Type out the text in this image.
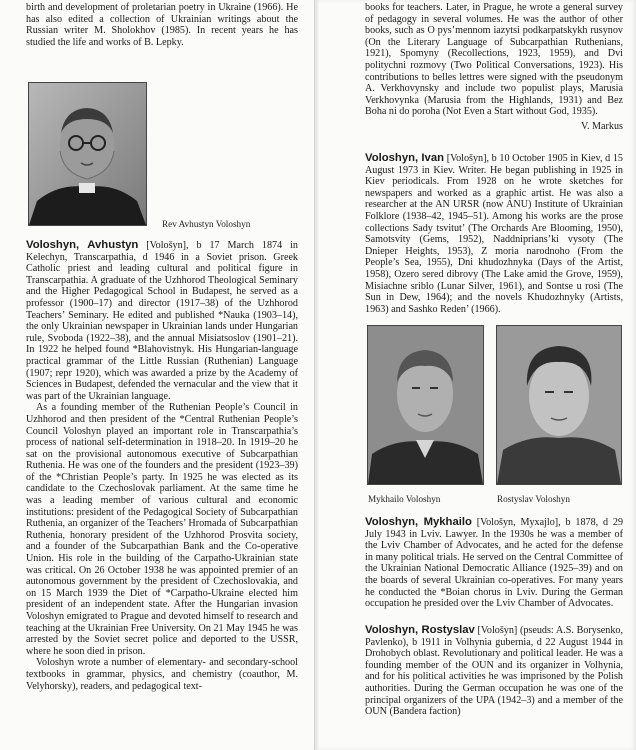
birth and development of proletarian poetry in Ukraine (1966). He has also edited a collection of Ukrainian writings about the Russian writer M. Sholokhov (1985). In recent years he has studied the life and works of B. Lepky.

Rev Avhustyn Voloshyn

Voloshyn, Avhustyn [Vološyn], b 17 March 1874 in Kelechyn, Transcarpathia, d 1946 in a Soviet prison. Greek Catholic priest and leading cultural and political figure in Transcarpathia. A graduate of the Uzhhorod Theological Seminary and the Higher Pedagogical School in Budapest, he served as a professor (1900–17) and director (1917–38) of the Uzhhorod Teachers’ Seminary. He edited and published *Nauka (1903–14), the only Ukrainian newspaper in Ukrainian lands under Hungarian rule, Svoboda (1922–38), and the annual Misiatsoslov (1901–21). In 1922 he helped found *Blahovistnyk. His Hungarian-language practical grammar of the Little Russian (Ruthenian) Language (1907; repr 1920), which was awarded a prize by the Academy of Sciences in Budapest, defended the vernacular and the view that it was part of the Ukrainian language.

As a founding member of the Ruthenian People’s Council in Uzhhorod and then president of the *Central Ruthenian People’s Council Voloshyn played an important role in Transcarpathia’s process of national self-determination in 1918–20. In 1919–20 he sat on the provisional autonomous executive of Subcarpathian Ruthenia. He was one of the founders and the president (1923–39) of the *Christian People’s party. In 1925 he was elected as its candidate to the Czechoslovak parliament. At the same time he was a leading member of various cultural and economic institutions: president of the Pedagogical Society of Subcarpathian Ruthenia, an organizer of the Teachers’ Hromada of Subcarpathian Ruthenia, honorary president of the Uzhhorod Prosvita society, and a founder of the Subcarpathian Bank and the Co-operative Union. His role in the building of the Carpatho-Ukrainian state was critical. On 26 October 1938 he was appointed premier of an autonomous government by the president of Czechoslovakia, and on 15 March 1939 the Diet of *Carpatho-Ukraine elected him president of an independent state. After the Hungarian invasion Voloshyn emigrated to Prague and devoted himself to research and teaching at the Ukrainian Free University. On 21 May 1945 he was arrested by the Soviet secret police and deported to the USSR, where he soon died in prison.

Voloshyn wrote a number of elementary- and secondary-school textbooks in grammar, physics, and chemistry (coauthor, M. Velyhorsky), readers, and pedagogical text-

books for teachers. Later, in Prague, he wrote a general survey of pedagogy in several volumes. He was the author of other books, such as O pys’mennom iazytsi podkarpatskykh rusynov (On the Literary Language of Subcarpathian Ruthenians, 1921), Spomyny (Recollections, 1923, 1959), and Dvi politychni rozmovy (Two Political Conversations, 1923). His contributions to belles lettres were signed with the pseudonym A. Verkhovynsky and include two populist plays, Marusia Verkhovynka (Marusia from the Highlands, 1931) and Bez Boha ni do poroha (Not Even a Start without God, 1935).

V. Markus

Voloshyn, Ivan [Vološyn], b 10 October 1905 in Kiev, d 15 August 1973 in Kiev. Writer. He began publishing in 1925 in Kiev periodicals. From 1928 on he wrote sketches for newspapers and worked as a graphic artist. He was also a researcher at the AN URSR (now ANU) Institute of Ukrainian Folklore (1938–42, 1945–51). Among his works are the prose collections Sady tsvitut’ (The Orchards Are Blooming, 1950), Samotsvity (Gems, 1952), Naddniprians’ki vysoty (The Dnieper Heights, 1953), Z moria narodnoho (From the People’s Sea, 1955), Dni khudozhnyka (Days of the Artist, 1958), Ozero sered dibrovy (The Lake amid the Grove, 1959), Misiachne sriblo (Lunar Silver, 1961), and Sontse u rosi (The Sun in Dew, 1964); and the novels Khudozhnyky (Artists, 1963) and Sashko Reden’ (1966).

Mykhailo Voloshyn	Rostyslav Voloshyn

Voloshyn, Mykhailo [Vološyn, Myxajlo], b 1878, d 29 July 1943 in Lviv. Lawyer. In the 1930s he was a member of the Lviv Chamber of Advocates, and he acted for the defense in many political trials. He served on the Central Committee of the Ukrainian National Democratic Alliance (1925–39) and on the boards of several Ukrainian co-operatives. For many years he conducted the *Boian chorus in Lviv. During the German occupation he presided over the Lviv Chamber of Advocates.

Voloshyn, Rostyslav [Vološyn] (pseuds: A.S. Borysenko, Pavlenko), b 1911 in Volhynia gubernia, d 22 August 1944 in Drohobych oblast. Revolutionary and political leader. He was a founding member of the OUN and its organizer in Volhynia, and for his political activities he was imprisoned by the Polish authorities. During the German occupation he was one of the principal organizers of the UPA (1942–3) and a member of the OUN (Bandera faction)
